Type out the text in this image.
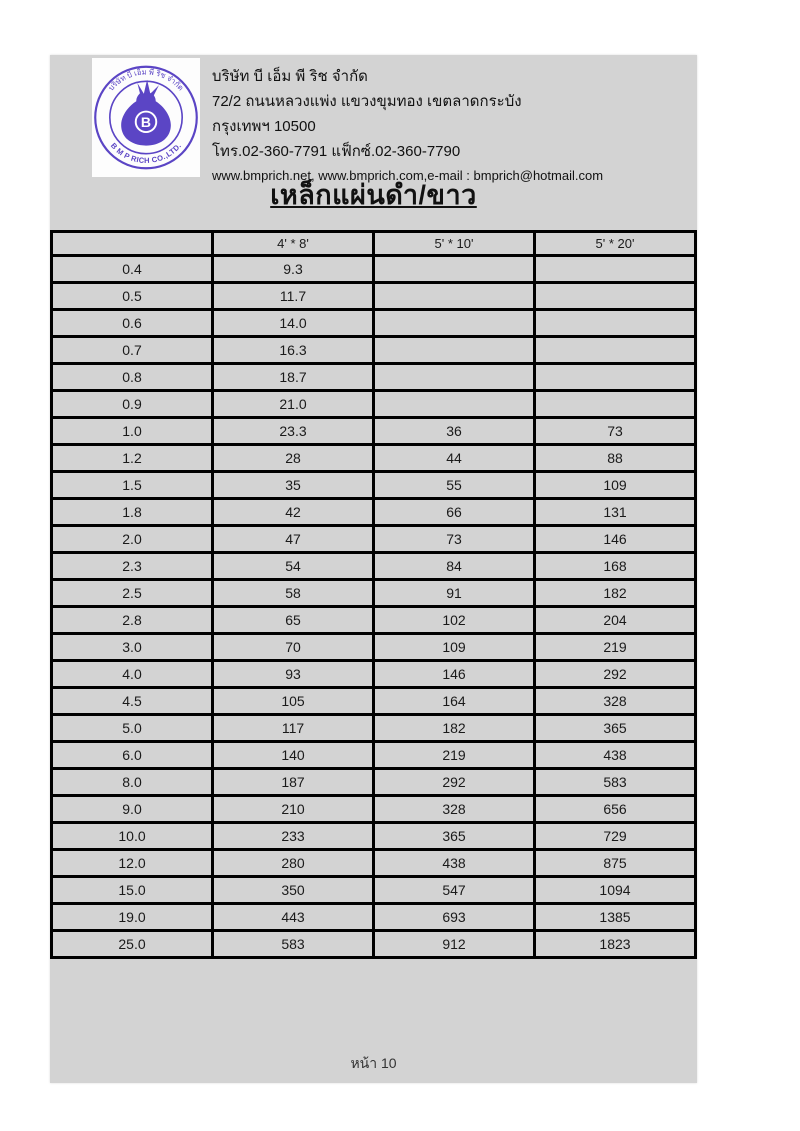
B
บริษัท บี เอ็ม พี ริช จำกัด
B M P RICH CO.,LTD.
บริษัท บี เอ็ม พี ริช จำกัด
72/2 ถนนหลวงแพ่ง แขวงขุมทอง เขตลาดกระบัง
กรุงเทพฯ 10500
โทร.02-360-7791 แฟ็กซ์.02-360-7790
www.bmprich.net, www.bmprich.com,e-mail : bmprich@hotmail.com
เหล็กแผ่นดำ/ขาว
	4' * 8'	5' * 10'	5' * 20'
0.4	9.3		
0.5	11.7		
0.6	14.0		
0.7	16.3		
0.8	18.7		
0.9	21.0		
1.0	23.3	36	73
1.2	28	44	88
1.5	35	55	109
1.8	42	66	131
2.0	47	73	146
2.3	54	84	168
2.5	58	91	182
2.8	65	102	204
3.0	70	109	219
4.0	93	146	292
4.5	105	164	328
5.0	117	182	365
6.0	140	219	438
8.0	187	292	583
9.0	210	328	656
10.0	233	365	729
12.0	280	438	875
15.0	350	547	1094
19.0	443	693	1385
25.0	583	912	1823
หน้า 10
